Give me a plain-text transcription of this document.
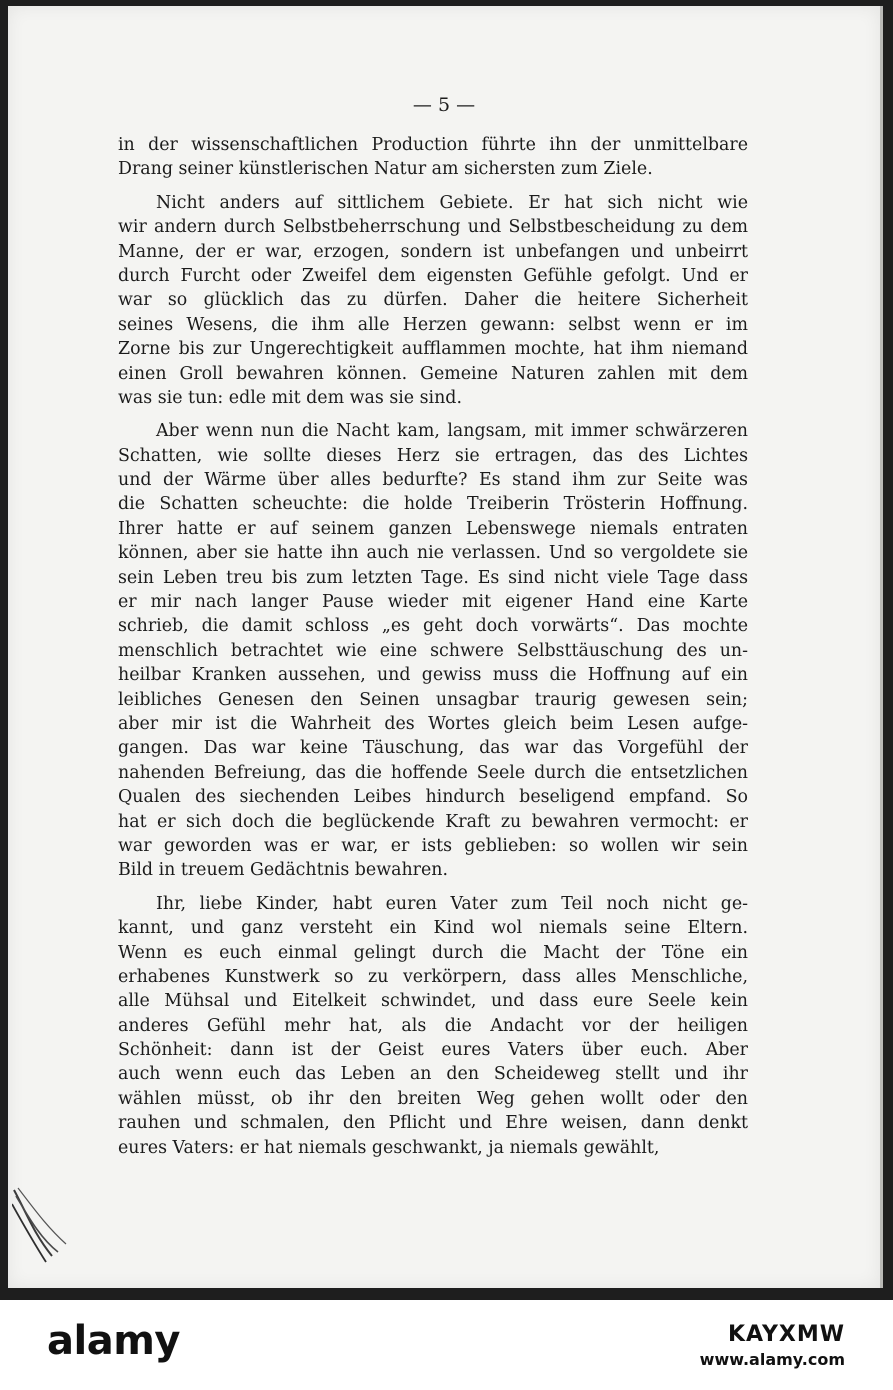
— 5 —
in der wissenschaftlichen Production führte ihn der unmittelbare
Drang seiner künstlerischen Natur am sichersten zum Ziele.
Nicht anders auf sittlichem Gebiete. Er hat sich nicht wie
wir andern durch Selbstbeherrschung und Selbstbescheidung zu dem
Manne, der er war, erzogen, sondern ist unbefangen und unbeirrt
durch Furcht oder Zweifel dem eigensten Gefühle gefolgt. Und er
war so glücklich das zu dürfen. Daher die heitere Sicherheit
seines Wesens, die ihm alle Herzen gewann: selbst wenn er im
Zorne bis zur Ungerechtigkeit aufflammen mochte, hat ihm niemand
einen Groll bewahren können. Gemeine Naturen zahlen mit dem
was sie tun: edle mit dem was sie sind.
Aber wenn nun die Nacht kam, langsam, mit immer schwärzeren
Schatten, wie sollte dieses Herz sie ertragen, das des Lichtes
und der Wärme über alles bedurfte? Es stand ihm zur Seite was
die Schatten scheuchte: die holde Treiberin Trösterin Hoffnung.
Ihrer hatte er auf seinem ganzen Lebenswege niemals entraten
können, aber sie hatte ihn auch nie verlassen. Und so vergoldete sie
sein Leben treu bis zum letzten Tage. Es sind nicht viele Tage dass
er mir nach langer Pause wieder mit eigener Hand eine Karte
schrieb, die damit schloss „es geht doch vorwärts“. Das mochte
menschlich betrachtet wie eine schwere Selbsttäuschung des un-
heilbar Kranken aussehen, und gewiss muss die Hoffnung auf ein
leibliches Genesen den Seinen unsagbar traurig gewesen sein;
aber mir ist die Wahrheit des Wortes gleich beim Lesen aufge-
gangen. Das war keine Täuschung, das war das Vorgefühl der
nahenden Befreiung, das die hoffende Seele durch die entsetzlichen
Qualen des siechenden Leibes hindurch beseligend empfand. So
hat er sich doch die beglückende Kraft zu bewahren vermocht: er
war geworden was er war, er ists geblieben: so wollen wir sein
Bild in treuem Gedächtnis bewahren.
Ihr, liebe Kinder, habt euren Vater zum Teil noch nicht ge-
kannt, und ganz versteht ein Kind wol niemals seine Eltern.
Wenn es euch einmal gelingt durch die Macht der Töne ein
erhabenes Kunstwerk so zu verkörpern, dass alles Menschliche,
alle Mühsal und Eitelkeit schwindet, und dass eure Seele kein
anderes Gefühl mehr hat, als die Andacht vor der heiligen
Schönheit: dann ist der Geist eures Vaters über euch. Aber
auch wenn euch das Leben an den Scheideweg stellt und ihr
wählen müsst, ob ihr den breiten Weg gehen wollt oder den
rauhen und schmalen, den Pflicht und Ehre weisen, dann denkt
eures Vaters: er hat niemals geschwankt, ja niemals gewählt,
alamy	KAYXMW
www.alamy.com
